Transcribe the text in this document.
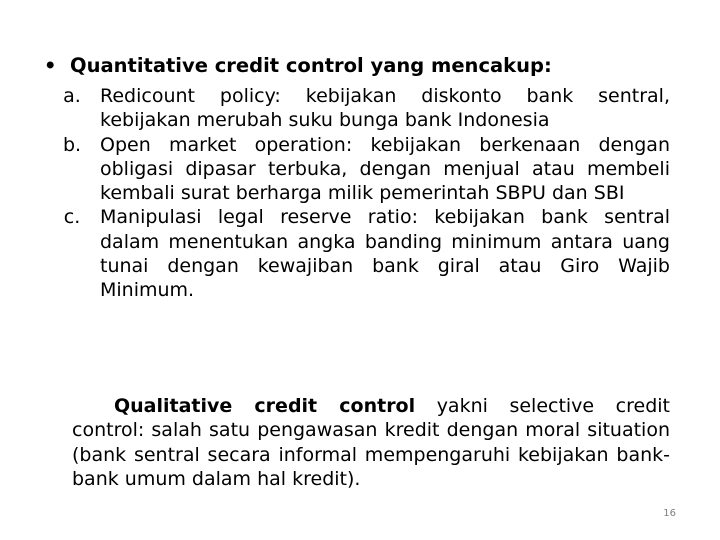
• Quantitative credit control yang mencakup:
a.	Redicount policy: kebijakan diskonto bank sentral, kebijakan merubah suku bunga bank Indonesia
b. Open market operation: kebijakan berkenaan dengan obligasi dipasar terbuka, dengan menjual atau membeli kembali surat berharga milik pemerintah SBPU dan SBI
c.	Manipulasi legal reserve ratio: kebijakan bank sentral dalam menentukan angka banding minimum antara uang tunai dengan kewajiban bank giral atau Giro Wajib Minimum.
Qualitative credit control yakni selective credit control: salah satu pengawasan kredit dengan moral situation (bank sentral secara informal mempengaruhi kebijakan bank-bank umum dalam hal kredit).
16
